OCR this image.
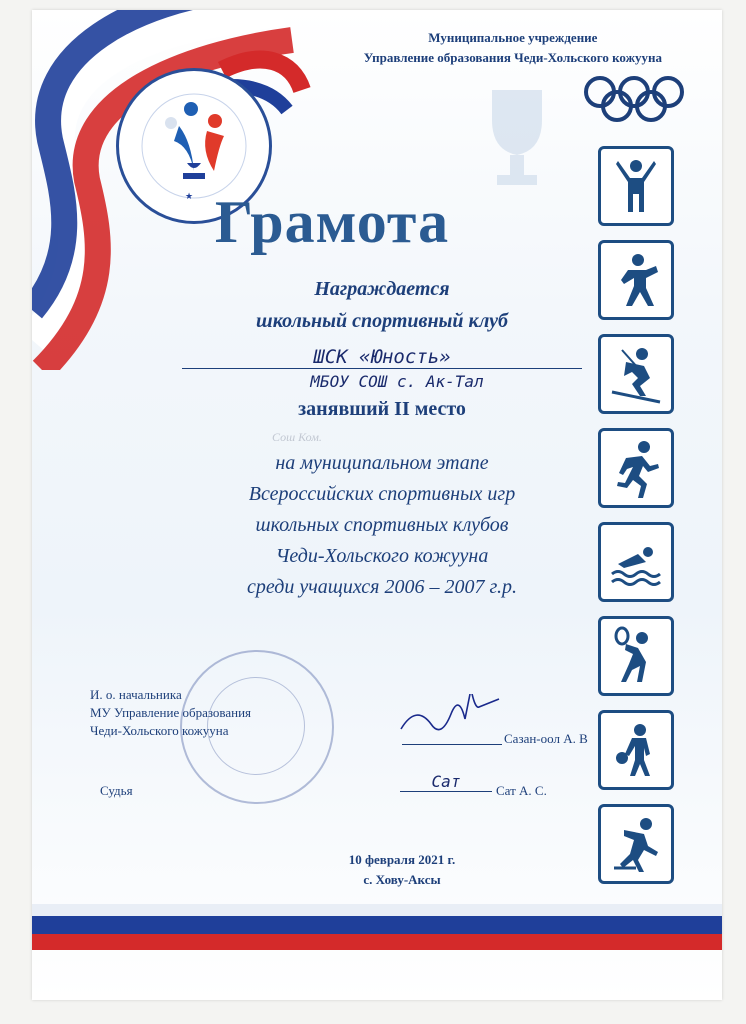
★
Муниципальное учреждение
Управление образования Чеди-Хольского кожууна
Грамота
Награждается
школьный спортивный клуб
ШСК «Юность»
МБОУ СОШ с. Ак-Тал
занявший II место
Сош Ком.
на муниципальном этапе
Всероссийских спортивных игр
школьных спортивных клубов
Чеди-Хольского кожууна
среди учащихся 2006 – 2007 г.р.
И. о. начальника
МУ Управление образования
Чеди-Хольского кожууна
Сазан-оол А. В
Судья	Сат	Сат А. С.
10 февраля 2021 г.
с. Хову-Аксы
